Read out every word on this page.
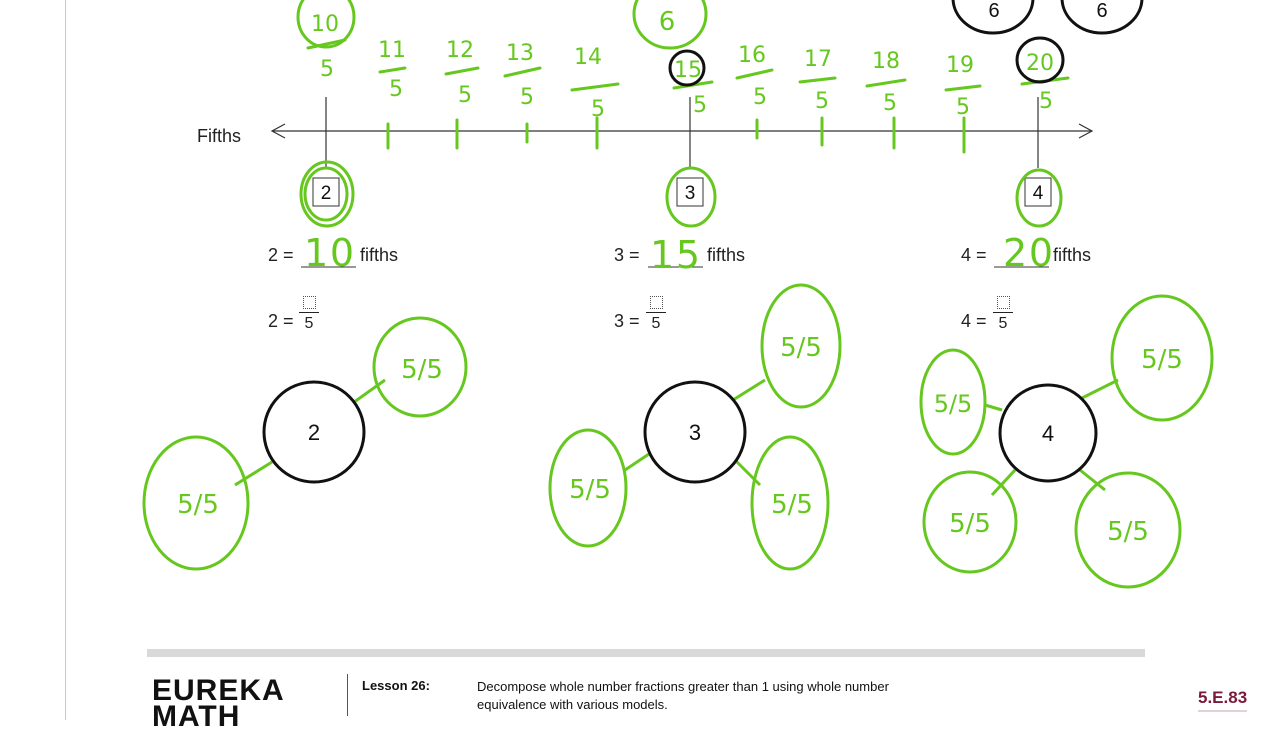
2	3	4
10
11 12 13 14
15
16 17 18 19 20
5
5	5 5	5	5 5 5 5	5	5
6	6	6
10	15	20
2
5/5
5/5
3
5/5
5/5	5/5
4
5/5
5/5
5/5	5/5
Fifths
2 =	fifths	3 =	fifths	4 =	fifths
2 = 5	3 = 5	4 = 5
EUREKA MATH
Lesson 26:	Decompose whole number fractions greater than 1 using whole number equivalence with various models.	5.E.83
